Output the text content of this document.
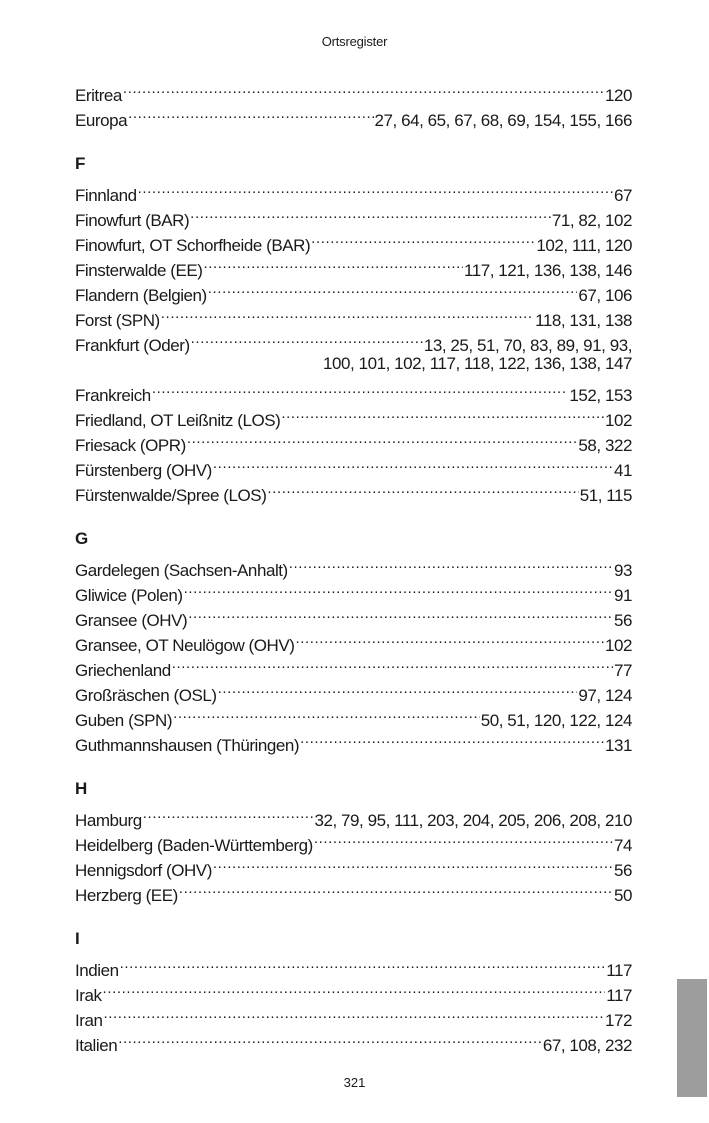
Ortsregister
Eritrea .....	120
Europa .....	27, 64, 65, 67, 68, 69, 154, 155, 166
F
Finnland .....	67
Finowfurt (BAR) .....	71, 82, 102
Finowfurt, OT Schorfheide (BAR) .....	102, 111, 120
Finsterwalde (EE) .....	117, 121, 136, 138, 146
Flandern (Belgien) .....	67, 106
Forst (SPN) .....	118, 131, 138
Frankfurt (Oder) .....	13, 25, 51, 70, 83, 89, 91, 93,
100, 101, 102, 117, 118, 122, 136, 138, 147
Frankreich .....	152, 153
Friedland, OT Leißnitz (LOS) .....	102
Friesack (OPR) .....	58, 322
Fürstenberg (OHV) .....	41
Fürstenwalde/Spree (LOS) .....	51, 115
G
Gardelegen (Sachsen-Anhalt) .....	93
Gliwice (Polen) .....	91
Gransee (OHV) .....	56
Gransee, OT Neulögow (OHV) .....	102
Griechenland .....	77
Großräschen (OSL) .....	97, 124
Guben (SPN) .....	50, 51, 120, 122, 124
Guthmannshausen (Thüringen) .....	131
H
Hamburg .....	32, 79, 95, 111, 203, 204, 205, 206, 208, 210
Heidelberg (Baden-Württemberg) .....	74
Hennigsdorf (OHV) .....	56
Herzberg (EE) .....	50
I
Indien .....	117
Irak .....	117
Iran .....	172
Italien .....	67, 108, 232
321
